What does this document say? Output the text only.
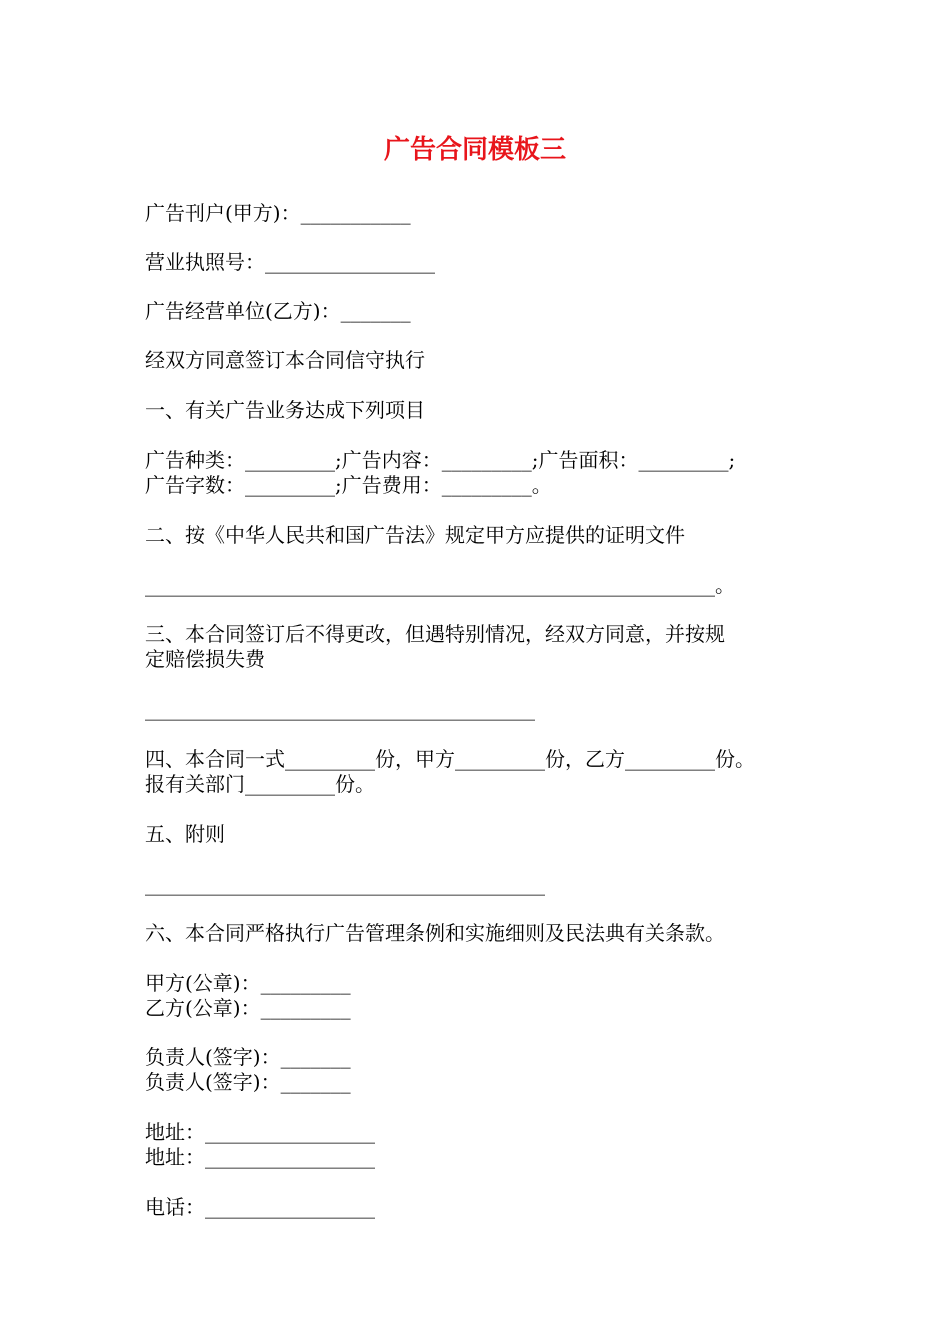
广告合同模板三

广告刊户(甲方)：___________

营业执照号：_________________

广告经营单位(乙方)：_______

经双方同意签订本合同信守执行

一、有关广告业务达成下列项目

广告种类：_________;广告内容：_________;广告面积：_________;

广告字数：_________;广告费用：_________。

二、按《中华人民共和国广告法》规定甲方应提供的证明文件

_________________________________________________________。

三、本合同签订后不得更改，但遇特别情况，经双方同意，并按规

定赔偿损失费

_______________________________________

四、本合同一式_________份，甲方_________份，乙方_________份。

报有关部门_________份。

五、附则

________________________________________

六、本合同严格执行广告管理条例和实施细则及民法典有关条款。

甲方(公章)：_________

乙方(公章)：_________

负责人(签字)：_______

负责人(签字)：_______

地址：_________________

地址：_________________

电话：_________________
